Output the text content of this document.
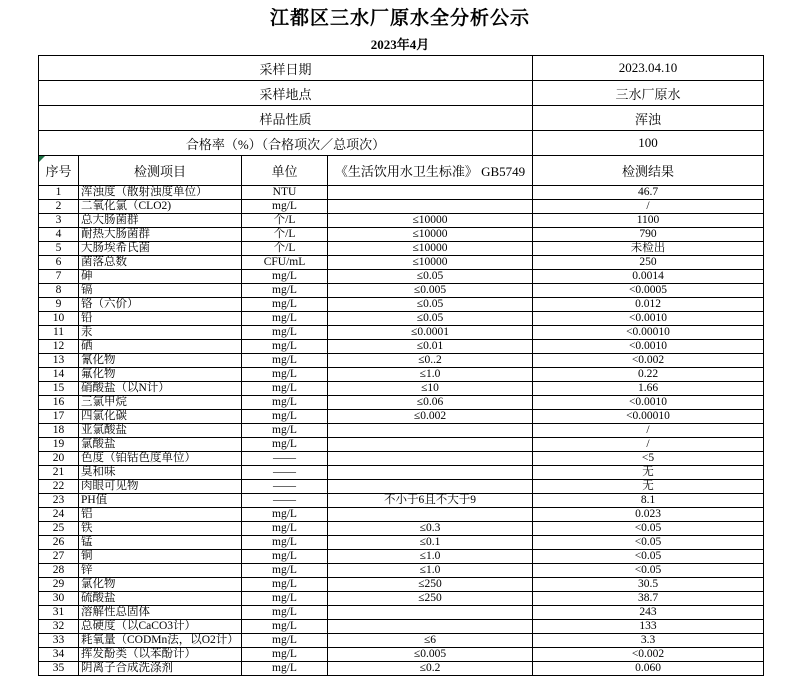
江都区三水厂原水全分析公示
2023年4月
采样日期	2023.04.10
采样地点	三水厂原水
样品性质	浑浊
合格率（%）（合格项次／总项次）	100
序号	检测项目	单位	《生活饮用水卫生标准》 GB5749	检测结果
1	浑浊度（散射浊度单位）	NTU		46.7
2	二氧化氯（CLO2)	mg/L		/
3	总大肠菌群	个/L	≤10000	1100
4	耐热大肠菌群	个/L	≤10000	790
5	大肠埃希氏菌	个/L	≤10000	未检出
6	菌落总数	CFU/mL	≤10000	250
7	砷	mg/L	≤0.05	0.0014
8	镉	mg/L	≤0.005	<0.0005
9	铬（六价）	mg/L	≤0.05	0.012
10	铅	mg/L	≤0.05	<0.0010
11	汞	mg/L	≤0.0001	<0.00010
12	硒	mg/L	≤0.01	<0.0010
13	氰化物	mg/L	≤0..2	<0.002
14	氟化物	mg/L	≤1.0	0.22
15	硝酸盐（以N计）	mg/L	≤10	1.66
16	三氯甲烷	mg/L	≤0.06	<0.0010
17	四氯化碳	mg/L	≤0.002	<0.00010
18	亚氯酸盐	mg/L		/
19	氯酸盐	mg/L		/
20	色度（铂钴色度单位）	——		<5
21	臭和味	——		无
22	肉眼可见物	——		无
23	PH值	——	不小于6且不大于9	8.1
24	铝	mg/L		0.023
25	铁	mg/L	≤0.3	<0.05
26	锰	mg/L	≤0.1	<0.05
27	铜	mg/L	≤1.0	<0.05
28	锌	mg/L	≤1.0	<0.05
29	氯化物	mg/L	≤250	30.5
30	硫酸盐	mg/L	≤250	38.7
31	溶解性总固体	mg/L		243
32	总硬度（以CaCO3计）	mg/L		133
33	耗氧量（CODMn法，以O2计）	mg/L	≤6	3.3
34	挥发酚类（以苯酚计）	mg/L	≤0.005	<0.002
35	阴离子合成洗涤剂	mg/L	≤0.2	0.060
